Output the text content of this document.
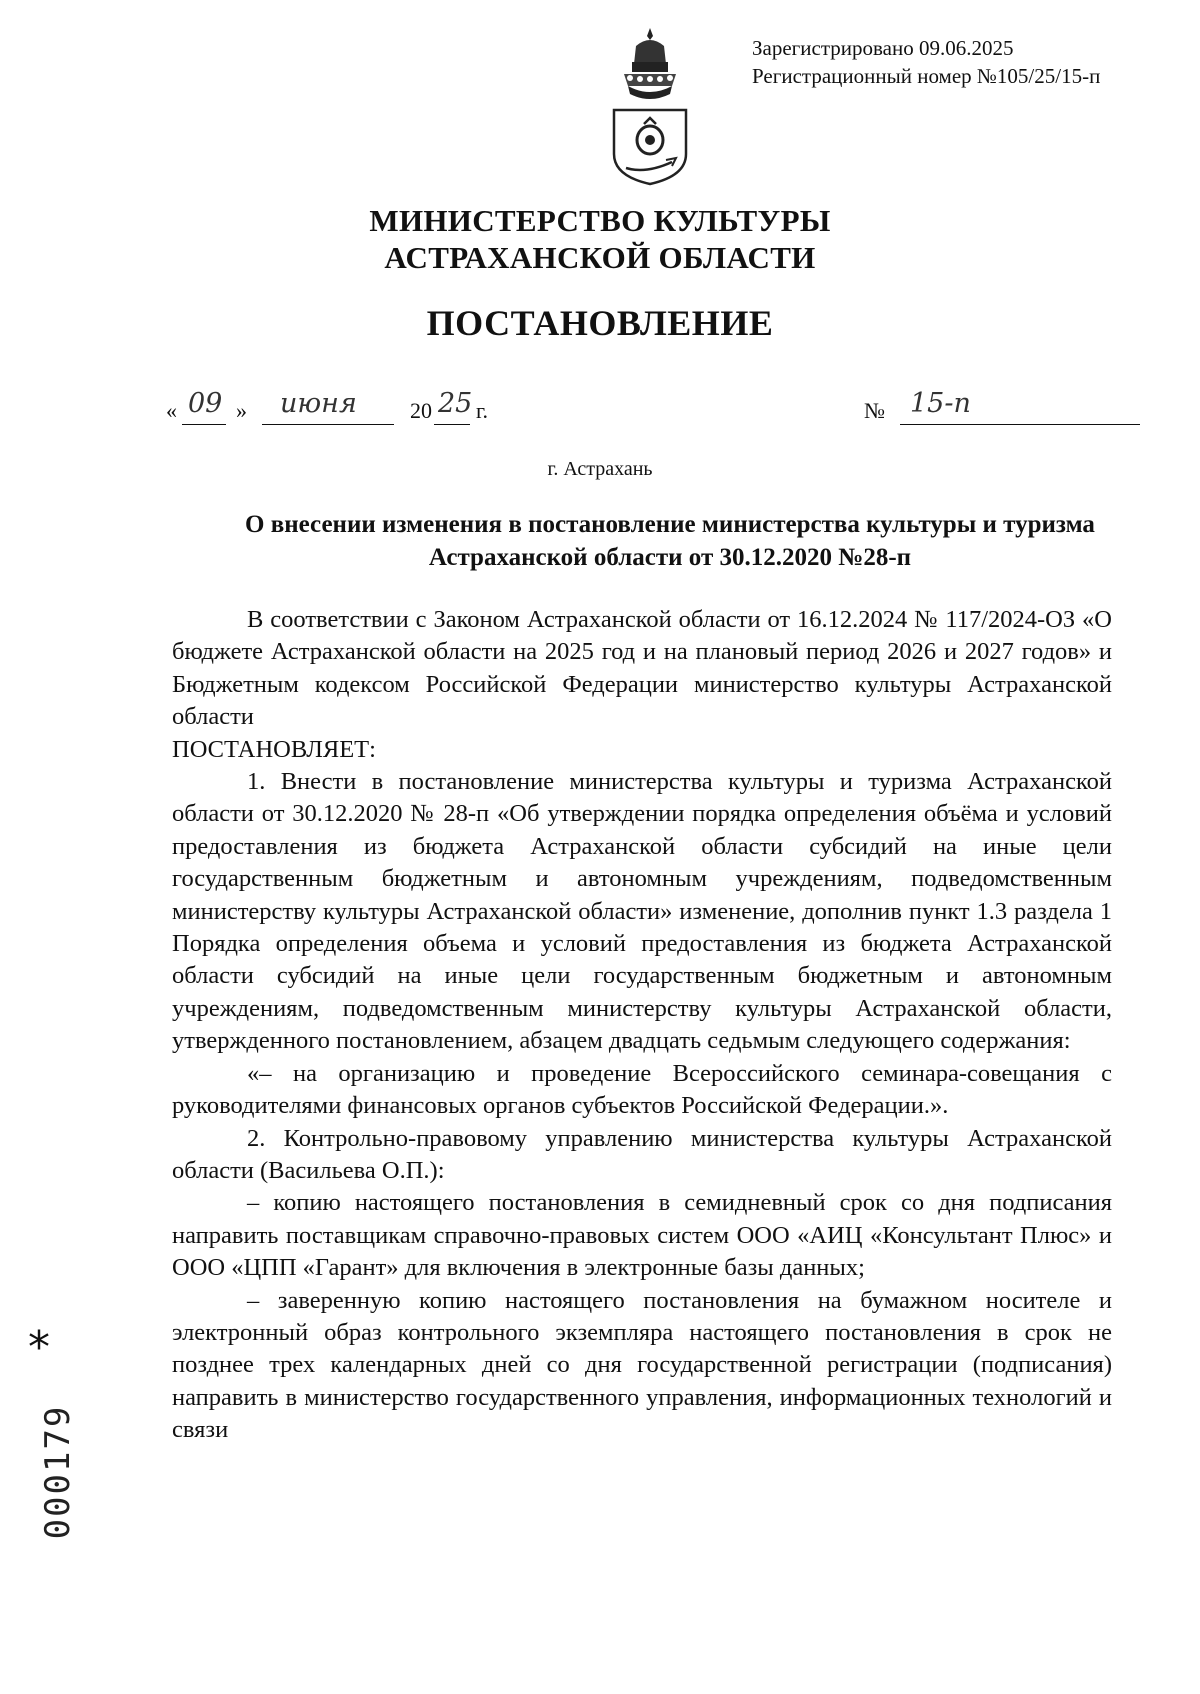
Зарегистрировано 09.06.2025
Регистрационный номер №105/25/15-п
МИНИСТЕРСТВО КУЛЬТУРЫ
АСТРАХАНСКОЙ ОБЛАСТИ
ПОСТАНОВЛЕНИЕ
« 09 » июня 20 25 г.	№ 15-п
г. Астрахань
О внесении изменения в постановление министерства культуры и туризма Астраханской области от 30.12.2020 №28-п

В соответствии с Законом Астраханской области от 16.12.2024 № 117/2024-ОЗ «О бюджете Астраханской области на 2025 год и на плановый период 2026 и 2027 годов» и Бюджетным кодексом Российской Федерации министерство культуры Астраханской области

ПОСТАНОВЛЯЕТ:

1. Внести в постановление министерства культуры и туризма Астраханской области от 30.12.2020 № 28-п «Об утверждении порядка определения объёма и условий предоставления из бюджета Астраханской области субсидий на иные цели государственным бюджетным и автономным учреждениям, подведомственным министерству культуры Астраханской области» изменение, дополнив пункт 1.3 раздела 1 Порядка определения объема и условий предоставления из бюджета Астраханской области субсидий на иные цели государственным бюджетным и автономным учреждениям, подведомственным министерству культуры Астраханской области, утвержденного постановлением, абзацем двадцать седьмым следующего содержания:

«– на организацию и проведение Всероссийского семинара-совещания с руководителями финансовых органов субъектов Российской Федерации.».

2. Контрольно-правовому управлению министерства культуры Астраханской области (Васильева О.П.):

– копию настоящего постановления в семидневный срок со дня подписания направить поставщикам справочно-правовых систем ООО «АИЦ «Консультант Плюс» и ООО «ЦПП «Гарант» для включения в электронные базы данных;

– заверенную копию настоящего постановления на бумажном носителе и электронный образ контрольного экземпляра настоящего постановления в срок не позднее трех календарных дней со дня государственной регистрации (подписания) направить в министерство государственного управления, информационных технологий и связи

*
000179
